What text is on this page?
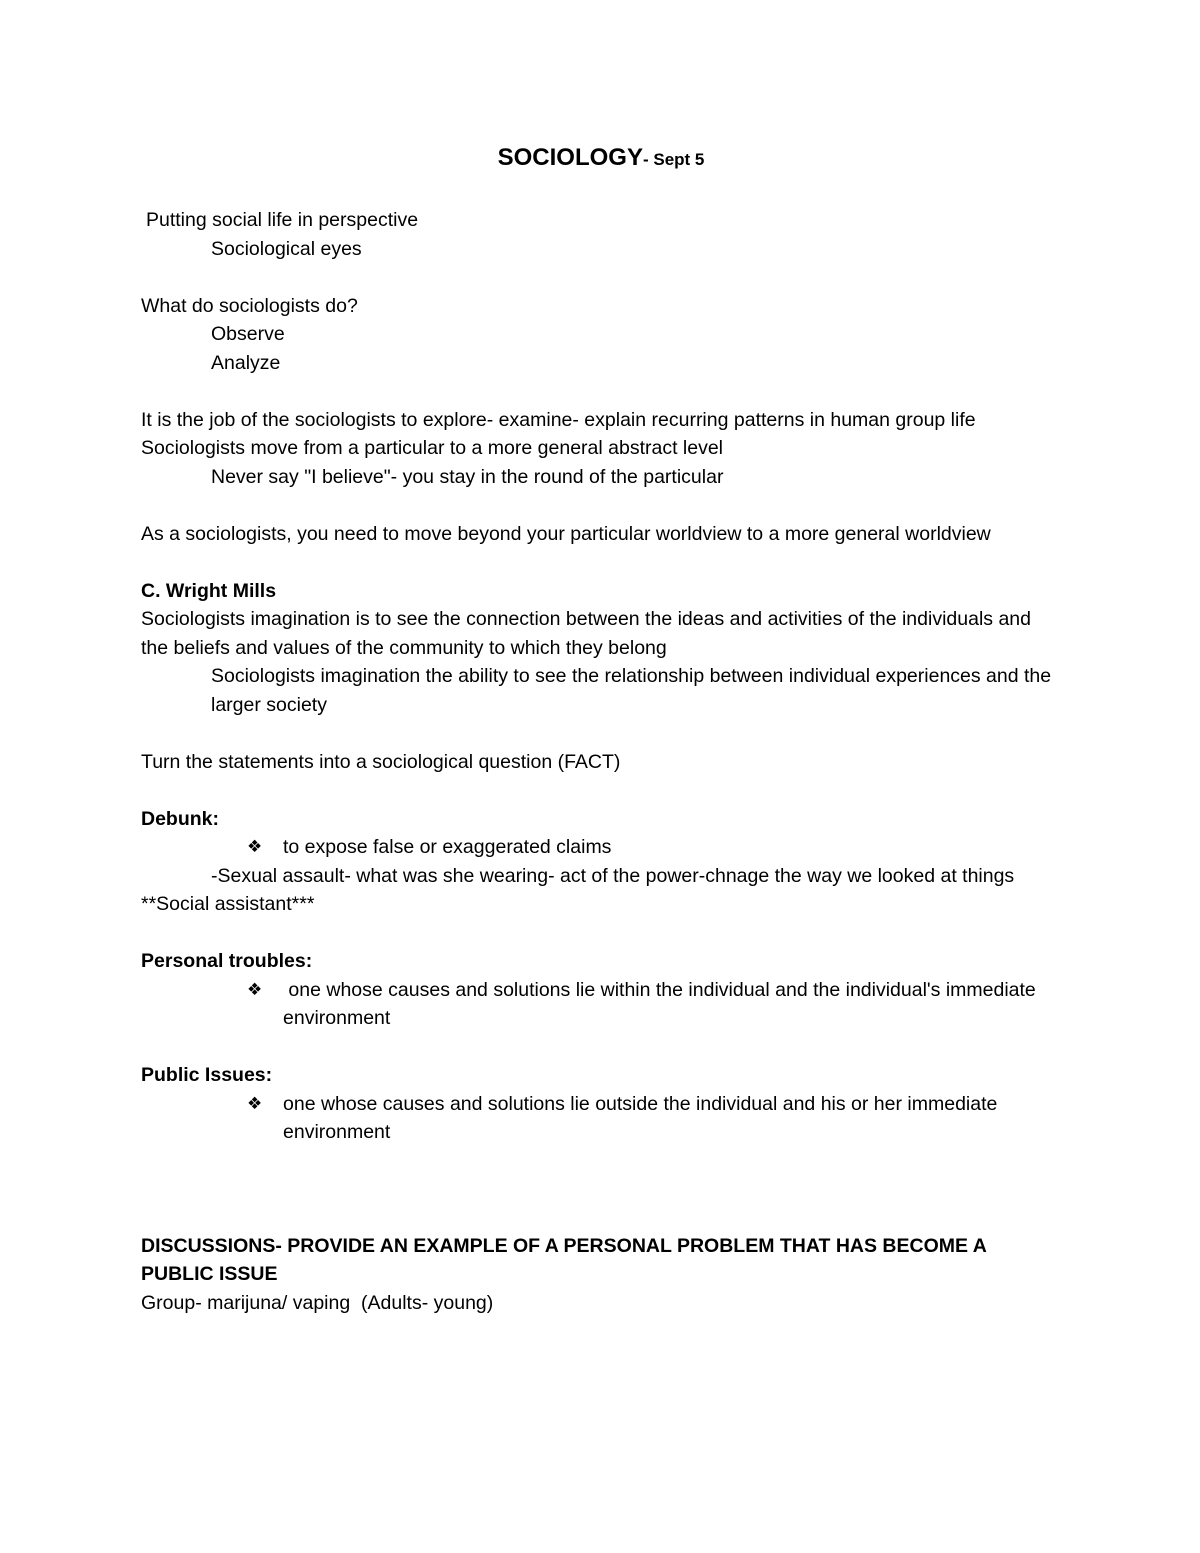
SOCIOLOGY- Sept 5

Putting social life in perspective

Sociological eyes

What do sociologists do?

Observe

Analyze

It is the job of the sociologists to explore- examine- explain recurring patterns in human group life

Sociologists move from a particular to a more general abstract level

Never say "I believe"- you stay in the round of the particular

As a sociologists, you need to move beyond your particular worldview to a more general worldview

C. Wright Mills

Sociologists imagination is to see the connection between the ideas and activities of the individuals and the beliefs and values of the community to which they belong

Sociologists imagination the ability to see the relationship between individual experiences and the larger society

Turn the statements into a sociological question (FACT)

Debunk:

❖	to expose false or exaggerated claims

-Sexual assault- what was she wearing- act of the power-chnage the way we looked at things

**Social assistant***

Personal troubles:

❖	one whose causes and solutions lie within the individual and the individual's immediate environment

Public Issues:

❖	one whose causes and solutions lie outside the individual and his or her immediate environment

DISCUSSIONS- PROVIDE AN EXAMPLE OF A PERSONAL PROBLEM THAT HAS BECOME A PUBLIC ISSUE

Group- marijuna/ vaping  (Adults- young)
